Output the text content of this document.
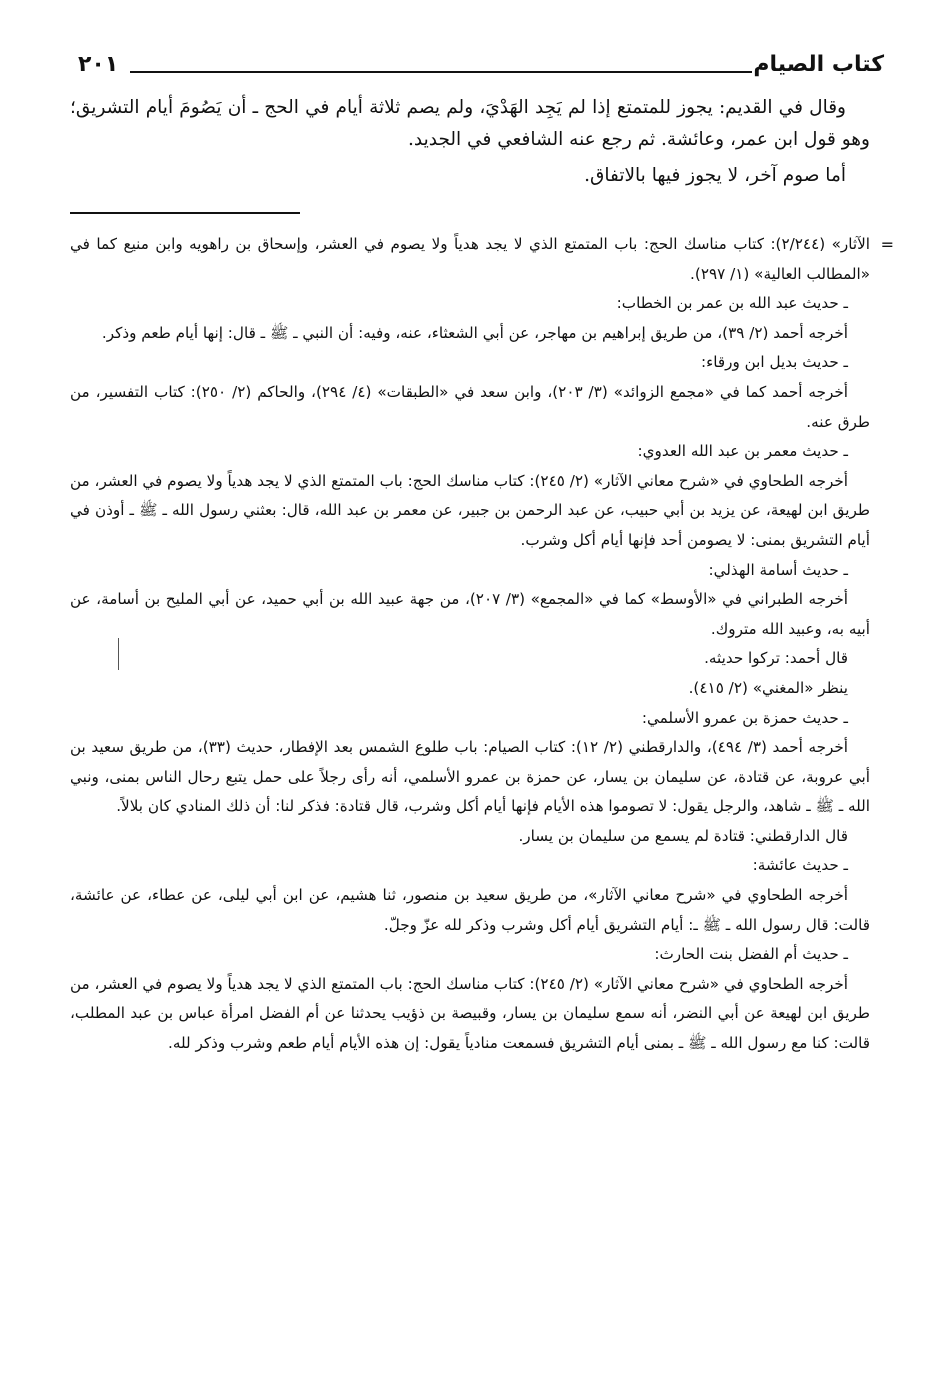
كتاب الصيام
٢٠١

وقال في القديم: يجوز للمتمتع إذا لم يَجِد الهَدْيَ، ولم يصم ثلاثة أيام في الحج ـ أن يَصُومَ أيام التشريق؛ وهو قول ابن عمر، وعائشة. ثم رجع عنه الشافعي في الجديد.

أما صوم آخر، لا يجوز فيها بالاتفاق.

=

الآثار» (٢/٢٤٤): كتاب مناسك الحج: باب المتمتع الذي لا يجد هدياً ولا يصوم في العشر، وإسحاق بن راهويه وابن منيع كما في «المطالب العالية» (١/ ٢٩٧).

ـ حديث عبد الله بن عمر بن الخطاب:

أخرجه أحمد (٢/ ٣٩)، من طريق إبراهيم بن مهاجر، عن أبي الشعثاء، عنه، وفيه: أن النبي ـ ﷺ ـ قال: إنها أيام طعم وذكر.

ـ حديث بديل ابن ورقاء:

أخرجه أحمد كما في «مجمع الزوائد» (٣/ ٢٠٣)، وابن سعد في «الطبقات» (٤/ ٢٩٤)، والحاكم (٢/ ٢٥٠): كتاب التفسير، من طرق عنه.

ـ حديث معمر بن عبد الله العدوي:

أخرجه الطحاوي في «شرح معاني الآثار» (٢/ ٢٤٥): كتاب مناسك الحج: باب المتمتع الذي لا يجد هدياً ولا يصوم في العشر، من طريق ابن لهيعة، عن يزيد بن أبي حبيب، عن عبد الرحمن بن جبير، عن معمر بن عبد الله، قال: بعثني رسول الله ـ ﷺ ـ أوذن في أيام التشريق بمنى: لا يصومن أحد فإنها أيام أكل وشرب.

ـ حديث أسامة الهذلي:

أخرجه الطبراني في «الأوسط» كما في «المجمع» (٣/ ٢٠٧)، من جهة عبيد الله بن أبي حميد، عن أبي المليح بن أسامة، عن أبيه به، وعبيد الله متروك.

قال أحمد: تركوا حديثه.

ينظر «المغني» (٢/ ٤١٥).

ـ حديث حمزة بن عمرو الأسلمي:

أخرجه أحمد (٣/ ٤٩٤)، والدارقطني (٢/ ١٢): كتاب الصيام: باب طلوع الشمس بعد الإفطار، حديث (٣٣)، من طريق سعيد بن أبي عروبة، عن قتادة، عن سليمان بن يسار، عن حمزة بن عمرو الأسلمي، أنه رأى رجلاً على حمل يتبع رحال الناس بمنى، ونبي الله ـ ﷺ ـ شاهد، والرجل يقول: لا تصوموا هذه الأيام فإنها أيام أكل وشرب، قال قتادة: فذكر لنا: أن ذلك المنادي كان بلالاً.

قال الدارقطني: قتادة لم يسمع من سليمان بن يسار.

ـ حديث عائشة:

أخرجه الطحاوي في «شرح معاني الآثار»، من طريق سعيد بن منصور، ثنا هشيم، عن ابن أبي ليلى، عن عطاء، عن عائشة، قالت: قال رسول الله ـ ﷺ ـ: أيام التشريق أيام أكل وشرب وذكر لله عزّ وجلّ.

ـ حديث أم الفضل بنت الحارث:

أخرجه الطحاوي في «شرح معاني الآثار» (٢/ ٢٤٥): كتاب مناسك الحج: باب المتمتع الذي لا يجد هدياً ولا يصوم في العشر، من طريق ابن لهيعة عن أبي النضر، أنه سمع سليمان بن يسار، وقبيصة بن ذؤيب يحدثنا عن أم الفضل امرأة عباس بن عبد المطلب، قالت: كنا مع رسول الله ـ ﷺ ـ بمنى أيام التشريق فسمعت منادياً يقول: إن هذه الأيام أيام طعم وشرب وذكر لله.
